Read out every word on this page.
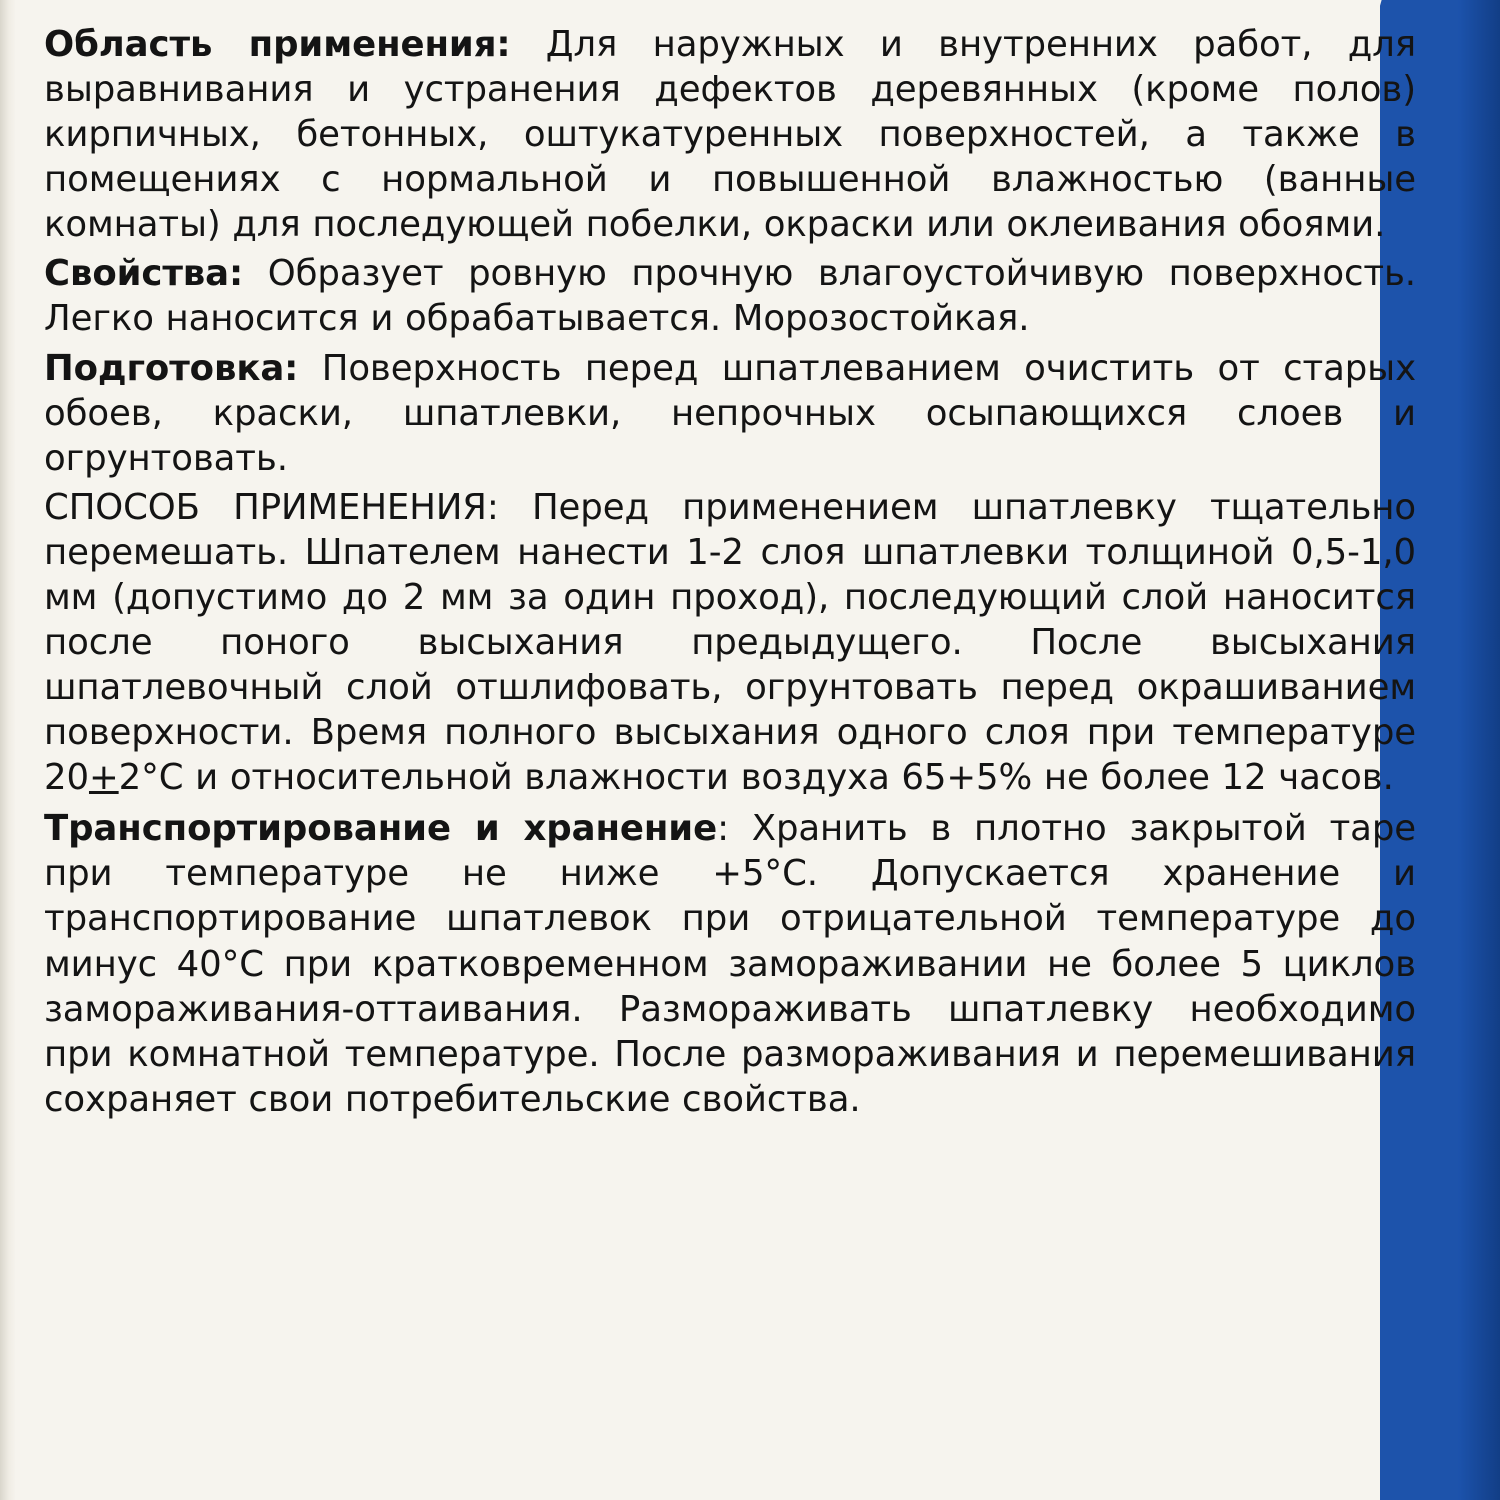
Область применения: Для наружных и внутренних работ, для выравнивания и устранения дефектов деревянных (кроме полов) кирпичных, бетонных, оштукатуренных поверхностей, а также в помещениях с нормальной и повышенной влажностью (ванные комнаты) для последующей побелки, окраски или оклеивания обоями.

Свойства: Образует ровную прочную влагоустойчивую поверхность. Легко наносится и обрабатывается. Морозостойкая.

Подготовка: Поверхность перед шпатлеванием очистить от старых обоев, краски, шпатлевки, непрочных осыпающихся слоев и огрунтовать.

СПОСОБ ПРИМЕНЕНИЯ: Перед применением шпатлевку тщательно перемешать. Шпателем нанести 1-2 слоя шпатлевки толщиной 0,5-1,0 мм (допустимо до 2 мм за один проход), последующий слой наносится после поного высыхания предыдущего. После высыхания шпатлевочный слой отшлифовать, огрунтовать перед окрашиванием поверхности. Время полного высыхания одного слоя при температуре 20+2°С и относительной влажности воздуха 65+5% не более 12 часов.

Транспортирование и хранение: Хранить в плотно закрытой таре при температуре не ниже +5°С. Допускается хранение и транспортирование шпатлевок при отрицательной температуре до минус 40°С при кратковременном замораживании не более 5 циклов замораживания-оттаивания. Размораживать шпатлевку необходимо при комнатной температуре. После размораживания и перемешивания сохраняет свои потребительские свойства.
